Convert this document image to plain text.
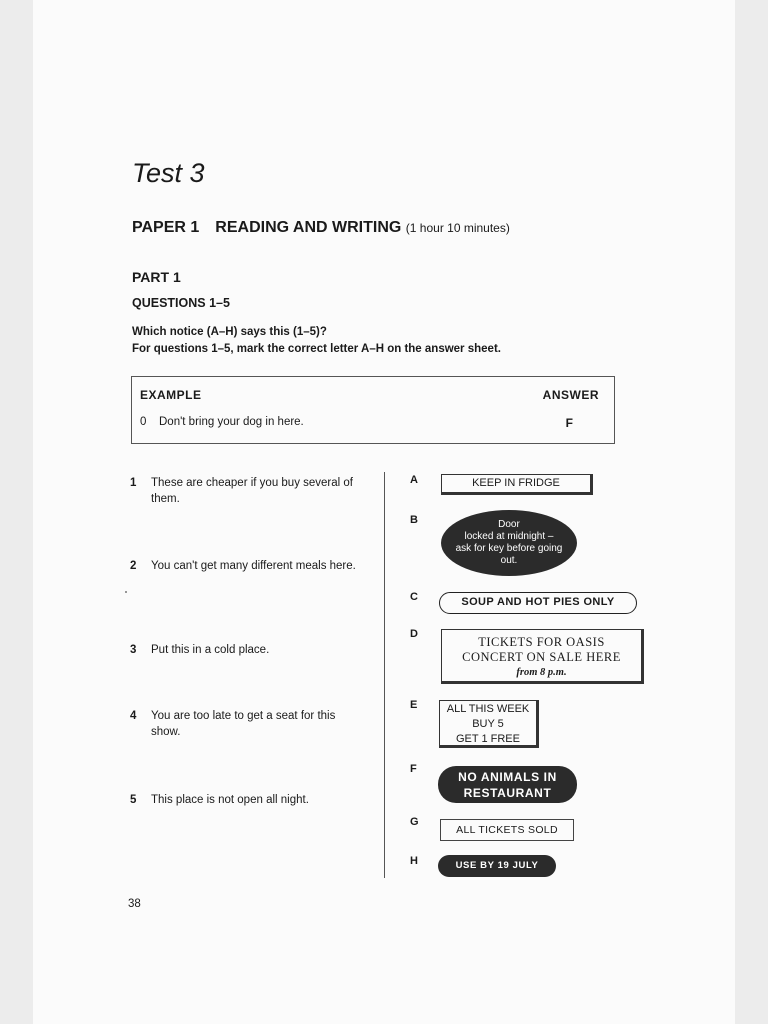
Test 3
PAPER 1 READING AND WRITING (1 hour 10 minutes)
PART 1
QUESTIONS 1–5
Which notice (A–H) says this (1–5)?
For questions 1–5, mark the correct letter A–H on the answer sheet.
EXAMPLE	ANSWER
0 Don't bring your dog in here.	F
1 These are cheaper if you buy several of them.
2 You can't get many different meals here.
3 Put this in a cold place.
4 You are too late to get a seat for this show.
5 This place is not open all night.
A
B
C
D
E
F
G
H
KEEP IN FRIDGE
Door
locked at midnight –
ask for key before going
out.
SOUP AND HOT PIES ONLY
TICKETS FOR OASIS
CONCERT ON SALE HERE
from 8 p.m.
ALL THIS WEEK
BUY 5
GET 1 FREE
NO ANIMALS IN
RESTAURANT
ALL TICKETS SOLD
USE BY 19 JULY
38
